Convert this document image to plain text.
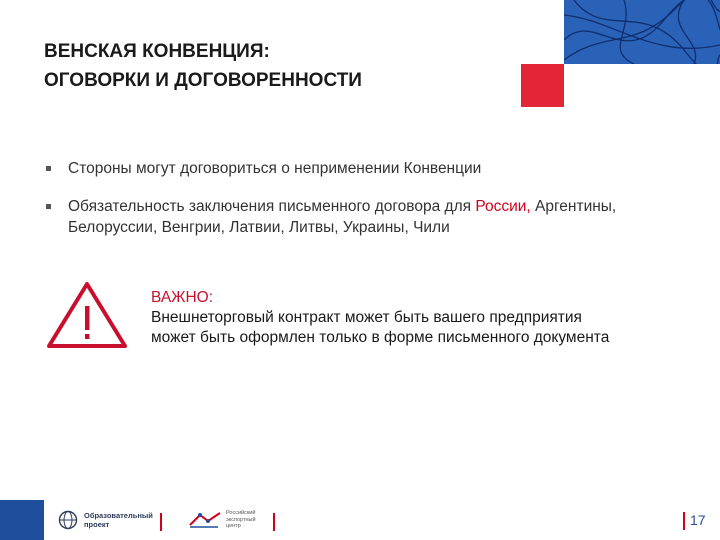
ВЕНСКАЯ КОНВЕНЦИЯ:
ОГОВОРКИ И ДОГОВОРЕННОСТИ
Стороны могут договориться о неприменении Конвенции
Обязательность заключения письменного договора для России, Аргентины, Белоруссии, Венгрии, Латвии, Литвы, Украины, Чили
ВАЖНО:
Внешнеторговый контракт может быть вашего предприятия
может быть оформлен только в форме письменного документа
Образовательный
проект
Российский
экспортный
центр	17
